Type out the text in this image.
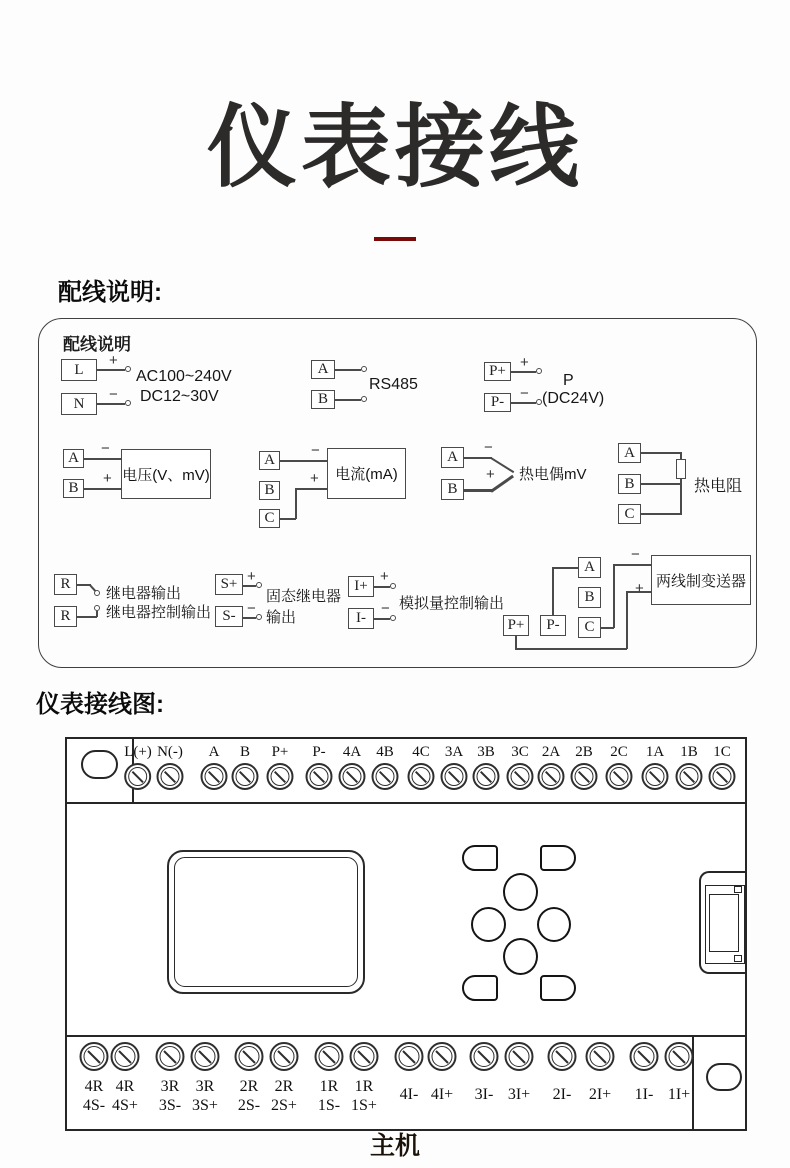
仪表接线
配线说明:
配线说明
L
N
+
−
AC100~240V
DC12~30V
A
B
RS485
P+
P-
+
−
P
(DC24V)
A
B
−
+ 电压(V、mV)
A
B
C
−
+	电流(mA)
A
B
−
+ 热电偶mV
A
B
C
热电阻
R
R
继电器输出
继电器控制输出
S+
S-
+
−
固态继电器
输出
I+
I-
+
− 模拟量控制输出
A
B
C
P+	P-
两线制变送器
−
+
仪表接线图:
L(+) N(-) A B P+ P- 4A 4B 4C 3A 3B 3C 2A 2B 2C 1A 1B 1C
4R
4S-
4R
4S+
3R
3S-
3R
3S+
2R
2S-
2R
2S+
1R
1S-
1R
1S+
4I- 4I+ 3I- 3I+ 2I- 2I+ 1I- 1I+
主机
